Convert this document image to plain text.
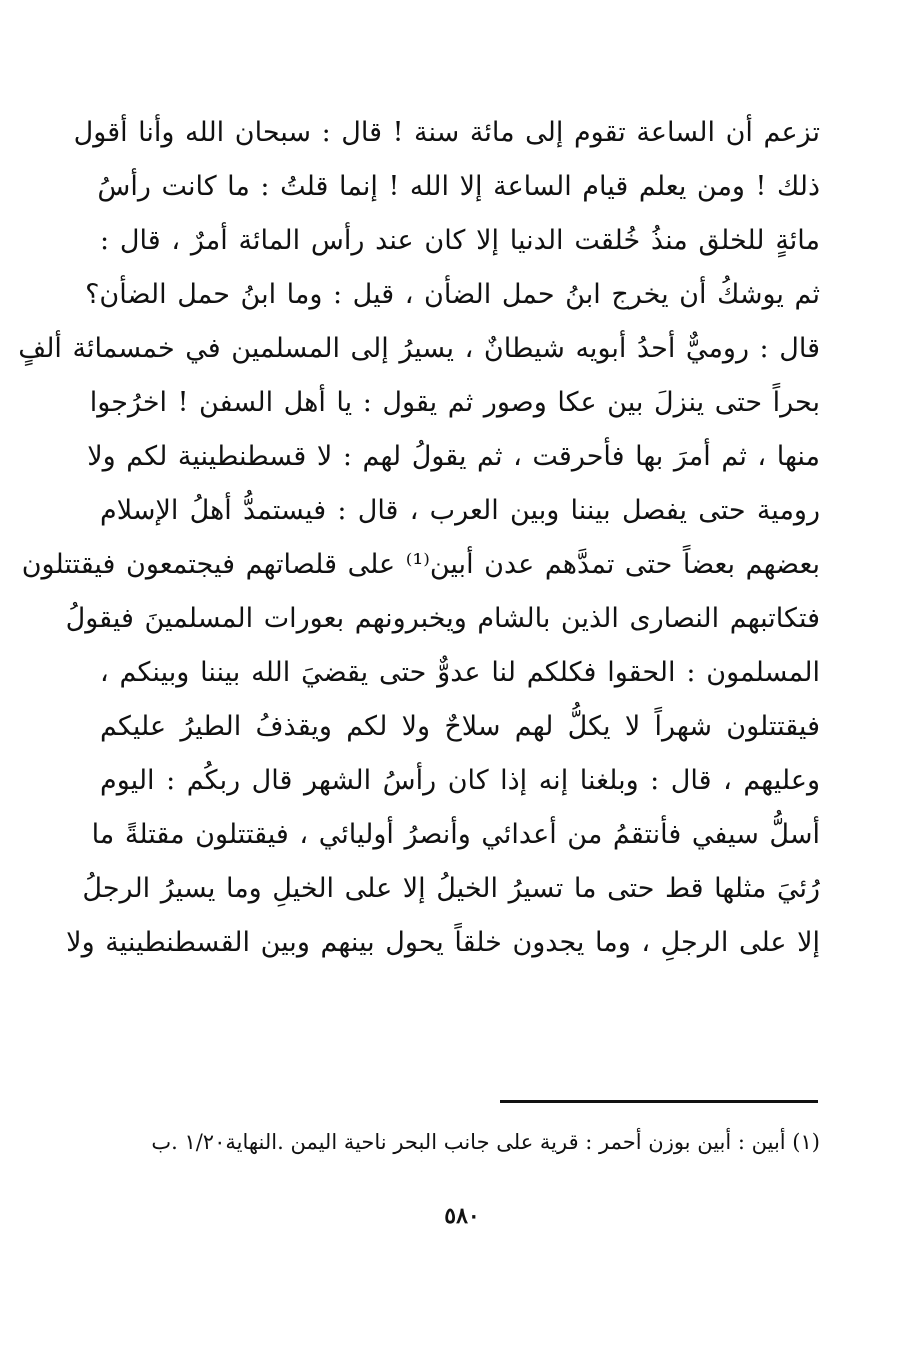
تزعم أن الساعة تقوم إلى مائة سنة ! قال : سبحان الله وأنا أقول
ذلك ! ومن يعلم قيام الساعة إلا الله ! إنما قلتُ : ما كانت رأسُ
مائةٍ للخلق منذُ خُلقت الدنيا إلا كان عند رأس المائة أمرٌ ، قال :
ثم يوشكُ أن يخرج ابنُ حمل الضأن ، قيل : وما ابنُ حمل الضأن؟
قال : روميٌّ أحدُ أبويه شيطانٌ ، يسيرُ إلى المسلمين في خمسمائة ألفٍ
بحراً حتى ينزلَ بين عكا وصور ثم يقول : يا أهل السفن ! اخرُجوا
منها ، ثم أمرَ بها فأحرقت ، ثم يقولُ لهم : لا قسطنطينية لكم ولا
رومية حتى يفصل بيننا وبين العرب ، قال : فيستمدُّ أهلُ الإسلام
بعضهم بعضاً حتى تمدَّهم عدن أبين⁽¹⁾ على قلصاتهم فيجتمعون فيقتتلون
فتكاتبهم النصارى الذين بالشام ويخبرونهم بعورات المسلمينَ فيقولُ
المسلمون : الحقوا فكلكم لنا عدوٌّ حتى يقضيَ الله بيننا وبينكم ،
فيقتتلون شهراً لا يكلُّ لهم سلاحٌ ولا لكم ويقذفُ الطيرُ عليكم
وعليهم ، قال : وبلغنا إنه إذا كان رأسُ الشهر قال ربكُم : اليوم
أسلُّ سيفي فأنتقمُ من أعدائي وأنصرُ أوليائي ، فيقتتلون مقتلةً ما
رُئيَ مثلها قط حتى ما تسيرُ الخيلُ إلا على الخيلِ وما يسيرُ الرجلُ
إلا على الرجلِ ، وما يجدون خلقاً يحول بينهم وبين القسطنطينية ولا
(١) أبين : أبين بوزن أحمر : قرية على جانب البحر ناحية اليمن .النهاية١/٢٠ .ب
٥٨٠
